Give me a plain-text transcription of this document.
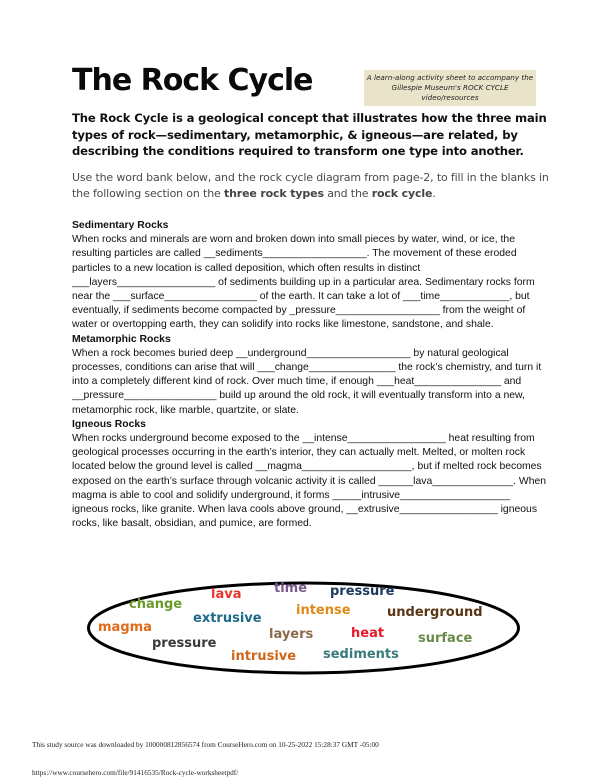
The Rock Cycle	A learn-along activity sheet to accompany the
Gillespie Museum's ROCK CYCLE video/resources
The Rock Cycle is a geological concept that illustrates how the three main types of rock—sedimentary, metamorphic, & igneous—are related, by describing the conditions required to transform one type into another.
Use the word bank below, and the rock cycle diagram from page-2, to fill in the blanks in the following section on the three rock types and the rock cycle.
Sedimentary Rocks

When rocks and minerals are worn and broken down into small pieces by water, wind, or ice, the resulting particles are called __sediments__________________. The movement of these eroded particles to a new location is called deposition, which often results in distinct ___layers_________________ of sediments building up in a particular area. Sedimentary rocks form near the ___surface________________ of the earth. It can take a lot of ___time____________, but eventually, if sediments become compacted by _pressure__________________ from the weight of water or overtopping earth, they can solidify into rocks like limestone, sandstone, and shale.

Metamorphic Rocks

When a rock becomes buried deep __underground__________________ by natural geological processes, conditions can arise that will ___change_______________ the rock’s chemistry, and turn it into a completely different kind of rock. Over much time, if enough ___heat_______________ and __pressure________________ build up around the old rock, it will eventually transform into a new, metamorphic rock, like marble, quartzite, or slate.

Igneous Rocks

When rocks underground become exposed to the __intense_________________ heat resulting from geological processes occurring in the earth’s interior, they can actually melt. Melted, or molten rock located below the ground level is called __magma___________________, but if melted rock becomes exposed on the earth’s surface through volcanic activity it is called ______lava______________. When magma is able to cool and solidify underground, it forms _____intrusive___________________ igneous rocks, like granite. When lava cools above ground, __extrusive_________________ igneous rocks, like basalt, obsidian, and pumice, are formed.

lava	time pressure
change	intense	underground
extrusive
magma	layers	heat	surface
pressure
intrusive sediments
This study source was downloaded by 100000812856574 from CourseHero.com on 10-25-2022 15:28:37 GMT -05:00
https://www.coursehero.com/file/91416535/Rock-cycle-worksheetpdf/
